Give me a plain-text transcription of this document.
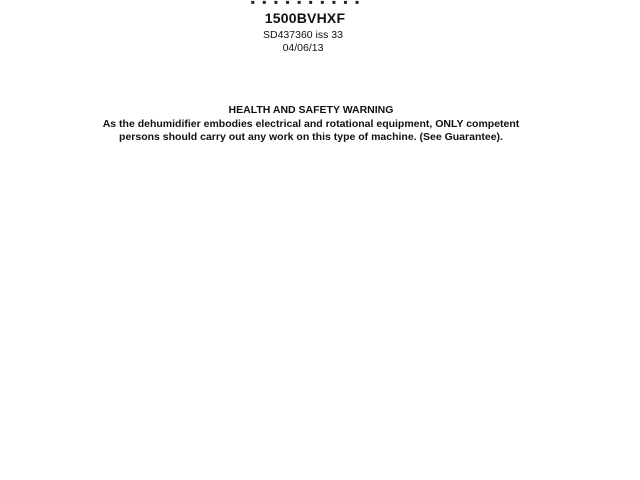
1500BVHXF
SD437360 iss 33
04/06/13
HEALTH AND SAFETY WARNING
As the dehumidifier embodies electrical and rotational equipment, ONLY competent
persons should carry out any work on this type of machine. (See Guarantee).
